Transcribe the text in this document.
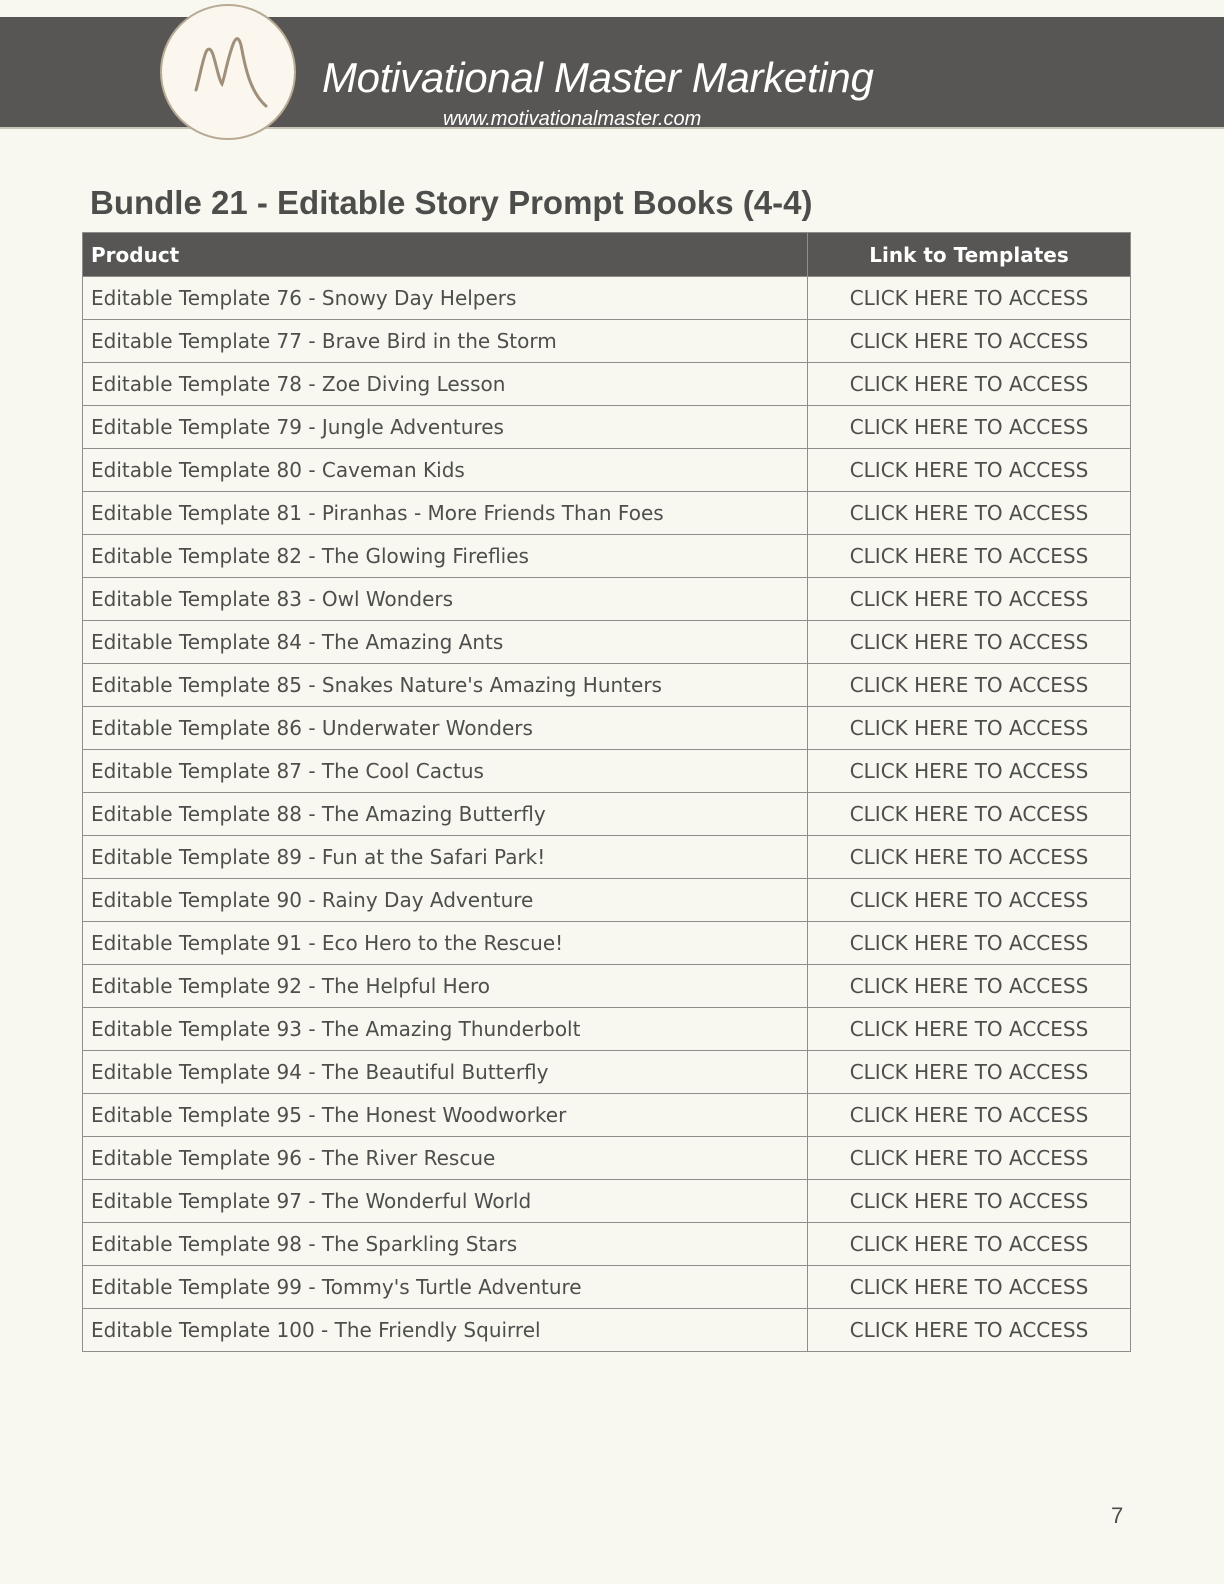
Motivational Master Marketing
www.motivationalmaster.com
Bundle 21 - Editable Story Prompt Books (4-4)
Product	Link to Templates
Editable Template 76 - Snowy Day Helpers	CLICK HERE TO ACCESS
Editable Template 77 - Brave Bird in the Storm	CLICK HERE TO ACCESS
Editable Template 78 - Zoe Diving Lesson	CLICK HERE TO ACCESS
Editable Template 79 - Jungle Adventures	CLICK HERE TO ACCESS
Editable Template 80 - Caveman Kids	CLICK HERE TO ACCESS
Editable Template 81 - Piranhas - More Friends Than Foes	CLICK HERE TO ACCESS
Editable Template 82 - The Glowing Fireflies	CLICK HERE TO ACCESS
Editable Template 83 - Owl Wonders	CLICK HERE TO ACCESS
Editable Template 84 - The Amazing Ants	CLICK HERE TO ACCESS
Editable Template 85 - Snakes Nature's Amazing Hunters	CLICK HERE TO ACCESS
Editable Template 86 - Underwater Wonders	CLICK HERE TO ACCESS
Editable Template 87 - The Cool Cactus	CLICK HERE TO ACCESS
Editable Template 88 - The Amazing Butterfly	CLICK HERE TO ACCESS
Editable Template 89 - Fun at the Safari Park!	CLICK HERE TO ACCESS
Editable Template 90 - Rainy Day Adventure	CLICK HERE TO ACCESS
Editable Template 91 - Eco Hero to the Rescue!	CLICK HERE TO ACCESS
Editable Template 92 - The Helpful Hero	CLICK HERE TO ACCESS
Editable Template 93 - The Amazing Thunderbolt	CLICK HERE TO ACCESS
Editable Template 94 - The Beautiful Butterfly	CLICK HERE TO ACCESS
Editable Template 95 - The Honest Woodworker	CLICK HERE TO ACCESS
Editable Template 96 - The River Rescue	CLICK HERE TO ACCESS
Editable Template 97 - The Wonderful World	CLICK HERE TO ACCESS
Editable Template 98 - The Sparkling Stars	CLICK HERE TO ACCESS
Editable Template 99 - Tommy's Turtle Adventure	CLICK HERE TO ACCESS
Editable Template 100 - The Friendly Squirrel	CLICK HERE TO ACCESS
7
